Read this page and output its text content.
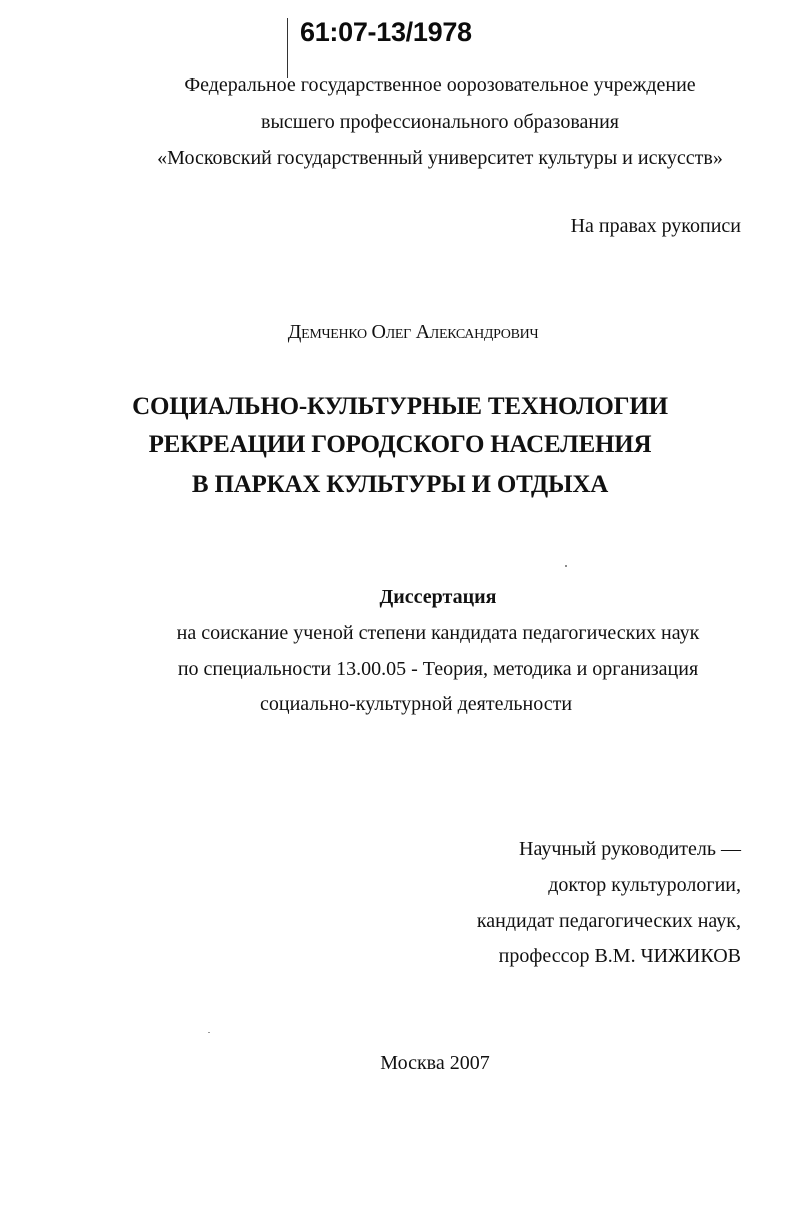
61:07-13/1978
Федеральное государственное оорозовательное учреждение
высшего профессионального образования
«Московский государственный университет культуры и искусств»
На правах рукописи
Демченко Олег Александрович
СОЦИАЛЬНО-КУЛЬТУРНЫЕ ТЕХНОЛОГИИ
РЕКРЕАЦИИ ГОРОДСКОГО НАСЕЛЕНИЯ
В ПАРКАХ КУЛЬТУРЫ И ОТДЫХА
Диссертация
на соискание ученой степени кандидата педагогических наук
по специальности 13.00.05 - Теория, методика и организация
социально-культурной деятельности
Научный руководитель —
доктор культурологии,
кандидат педагогических наук,
профессор В.М. ЧИЖИКОВ
Москва 2007
